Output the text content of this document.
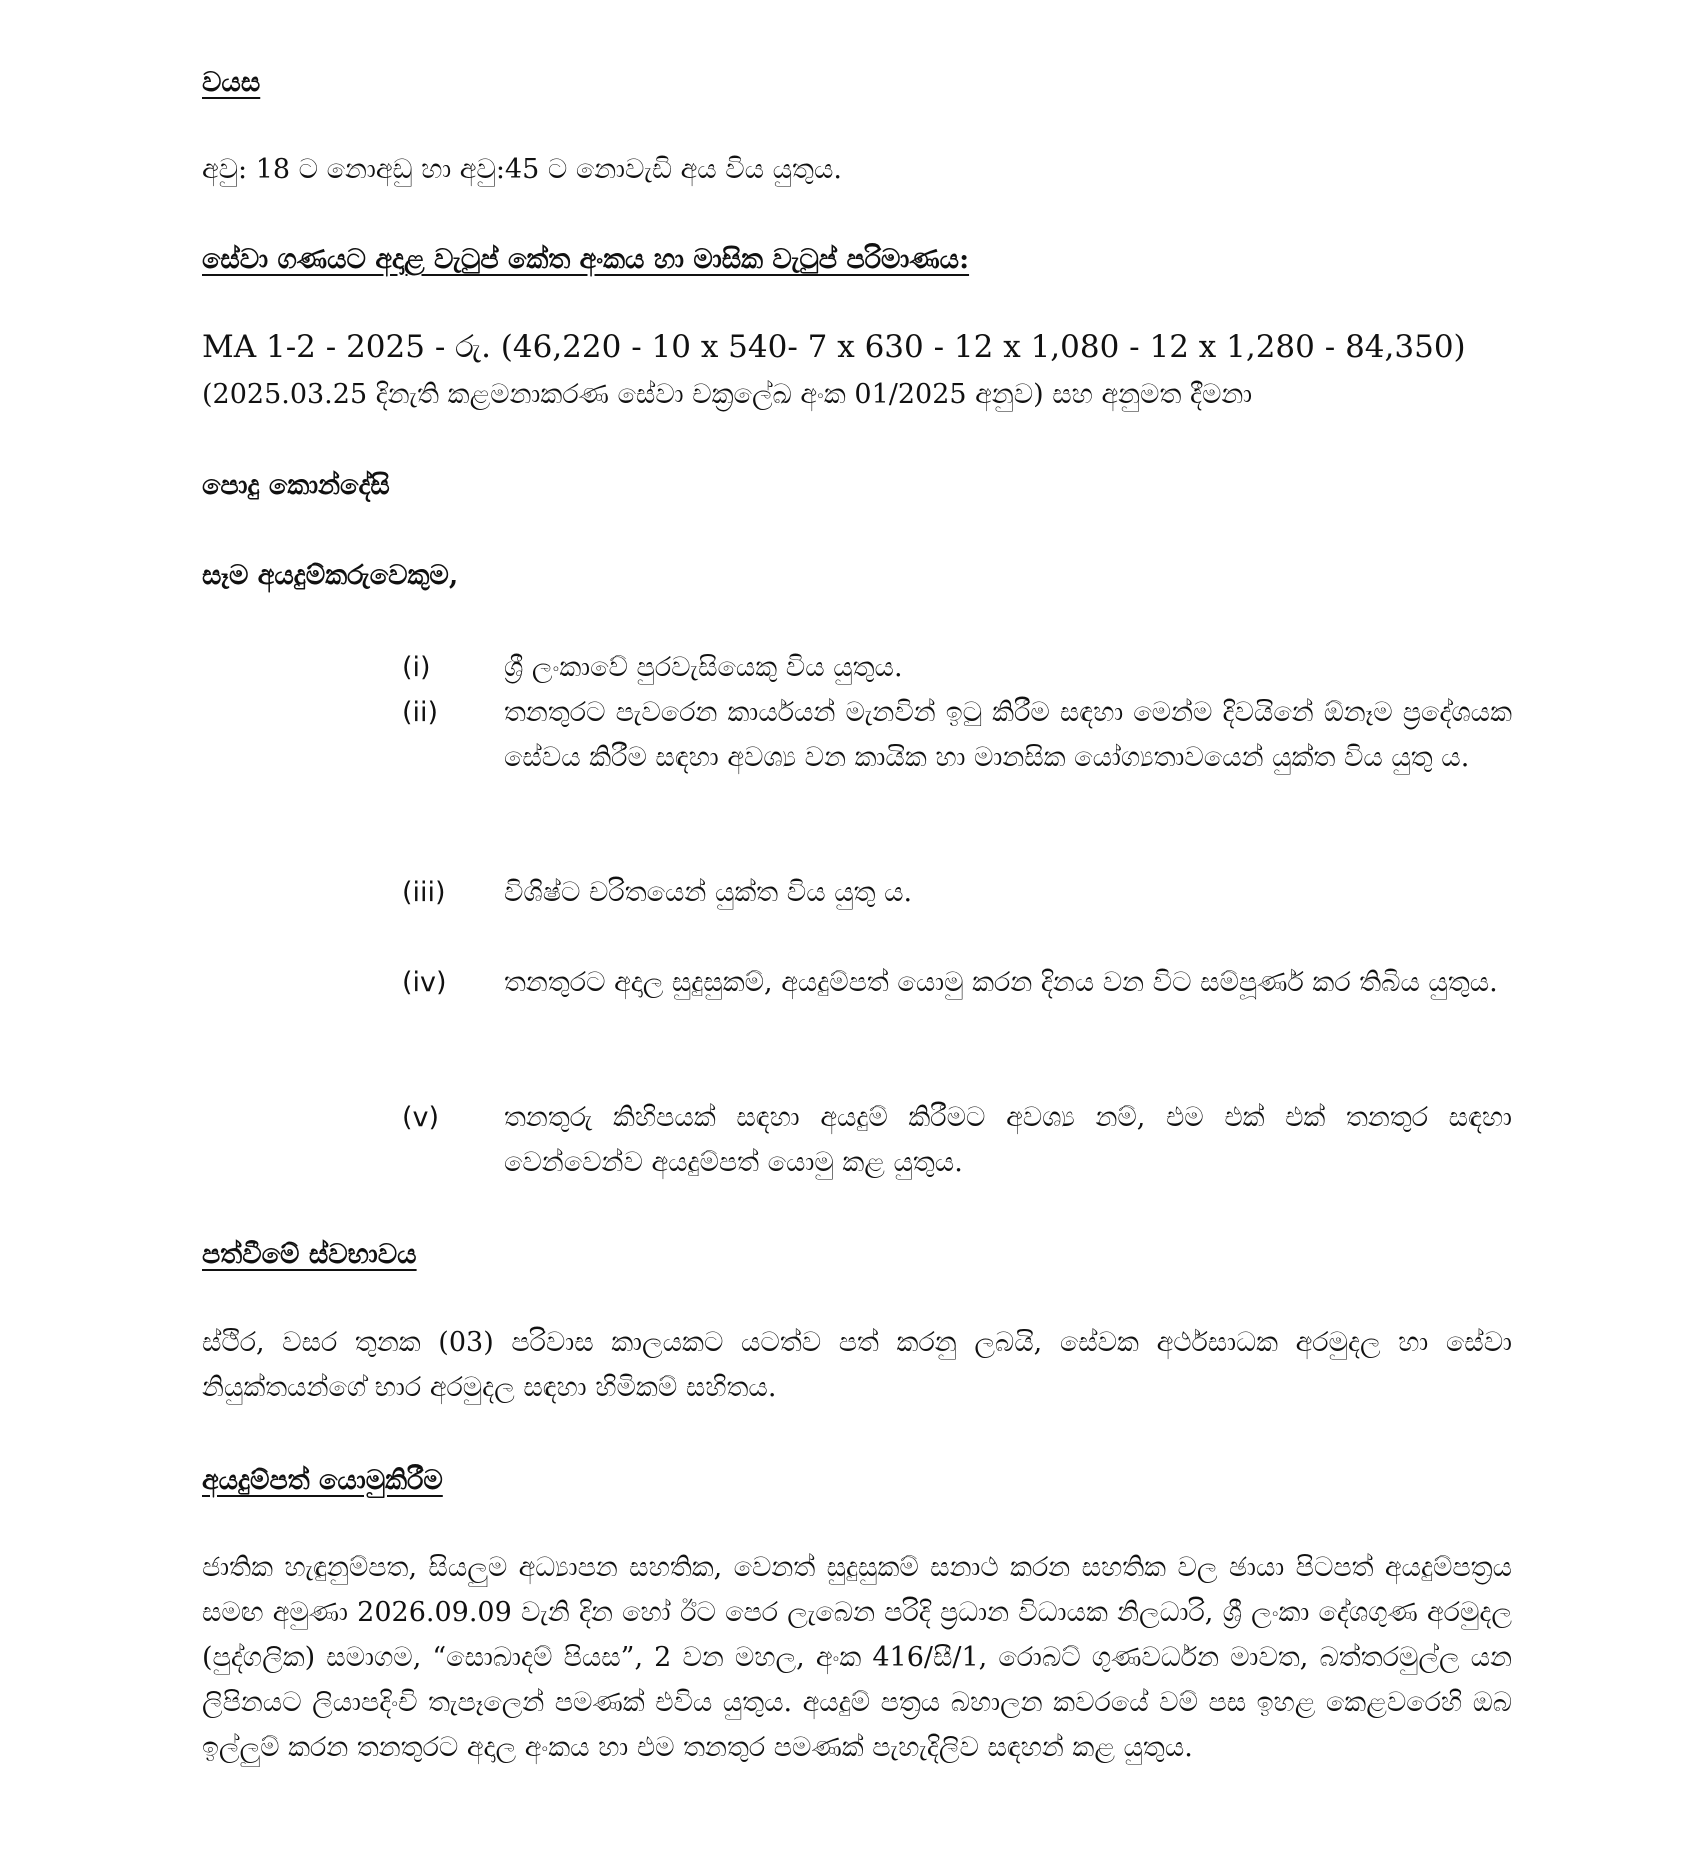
වයස
අවු: 18 ට නොඅඩු හා අවු:45 ට නොවැඩි අය විය යුතුය.
සේවා ගණයට අදාළ වැටුප් කේත අංකය හා මාසික වැටුප් පරිමාණය:
MA 1-2 - 2025 - රු. (46,220 - 10 x 540- 7 x 630 - 12 x 1,080 - 12 x 1,280 - 84,350)
(2025.03.25 දිනැති කළමනාකරණ සේවා චක්‍රලේඛ අංක 01/2025 අනුව) සහ අනුමත දීමනා
පොදු කොන්දේසි
සෑම අයදුම්කරුවෙකුම,
(i)	ශ්‍රී ලංකාවේ පුරවැසියෙකු විය යුතුය.
(ii)	තනතුරට පැවරෙන කාර්යයන් මැනවින් ඉටු කිරීම සඳහා මෙන්ම දිවයිනේ ඕනෑම ප්‍රදේශයක සේවය කිරීම සඳහා අවශ්‍ය වන කායික හා මානසික යෝග්‍යතාවයෙන් යුක්ත විය යුතු ය.
(iii)	විශිෂ්ට චරිතයෙන් යුක්ත විය යුතු ය.
(iv)	තනතුරට අදාල සුදුසුකම්, අයදුම්පත් යොමු කරන දිනය වන විට සම්පූර්ණ කර තිබිය යුතුය.
(v)	තනතුරු කිහිපයක් සඳහා අයදුම් කිරීමට අවශ්‍ය නම්, එම එක් එක් තනතුර සඳහා වෙන්වෙන්ව අයදුම්පත් යොමු කළ යුතුය.
පත්වීමේ ස්වභාවය
ස්ථිර, වසර තුනක (03) පරිවාස කාලයකට යටත්ව පත් කරනු ලබයි, සේවක අර්ථසාධක අරමුදල හා සේවා නියුක්තයන්ගේ භාර අරමුදල සඳහා හිමිකම් සහිතය.
අයදුම්පත් යොමුකිරීම
ජාතික හැඳුනුම්පත, සියලුම අධ්‍යාපන සහතික, වෙනත් සුදුසුකම් සනාථ කරන සහතික වල ඡායා පිටපත් අයදුම්පත්‍රය සමඟ අමුණා 2026.09.09 වැනි දින හෝ ඊට පෙර ලැබෙන පරිදි ප්‍රධාන විධායක නිලධාරි, ශ්‍රී ලංකා දේශගුණ අරමුදල (පුද්ගලික) සමාගම, “සොබාදම් පියස”, 2 වන මහල, අංක 416/සී/1, රොබට් ගුණවර්ධන මාවත, බත්තරමුල්ල යන ලිපිනයට ලියාපදිංචි තැපෑලෙන් පමණක් එවිය යුතුය. අයදුම් පත්‍රය බහාලන කවරයේ වම් පස ඉහළ කෙළවරෙහි ඔබ ඉල්ලුම් කරන තනතුරට අදාල අංකය හා එම තනතුර පමණක් පැහැදිලිව සඳහන් කළ යුතුය.
